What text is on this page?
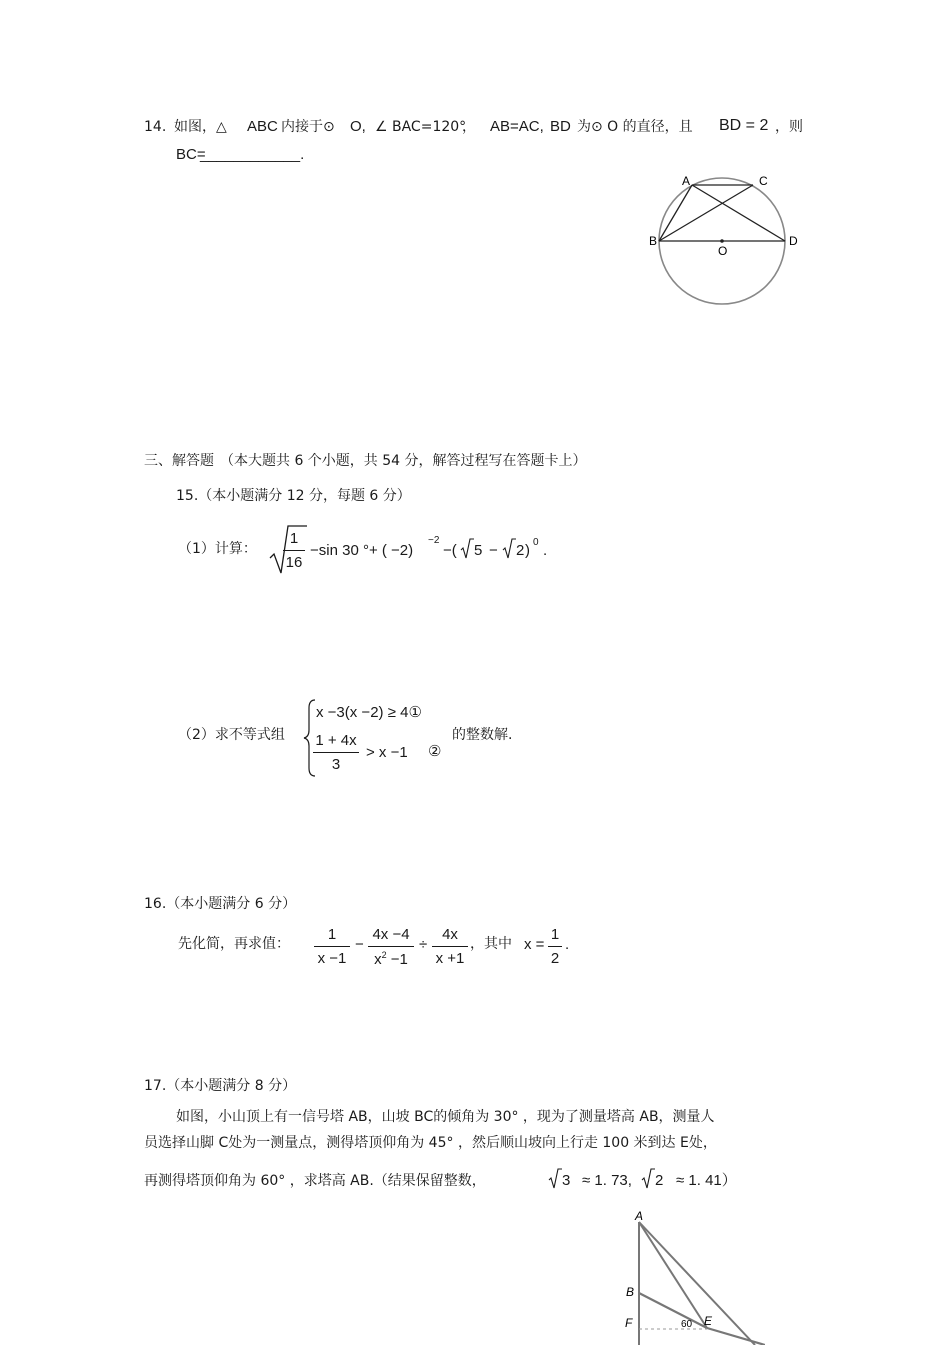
14. 如图，△ ABC 内接于⊙ O, ∠ BAC=120°
， AB=AC, BD 为⊙ O 的直径，且 BD = 2 ，则
BC=
____________.
A	C
B	D
O
三、解答题 （本大题共 6 个小题，共 54 分，解答过程写在答题卡上）
15.（本小题满分 12 分，每题 6 分）
（1）计算：
1
16
−sin 30 °+ ( −2)
−2
−( 5 − 2 ) 0 .
（2）求不等式组
x −3(x −2) ≥ 4①
1 + 4x
3
> x −1 ②
的整数解.
16.（本小题满分 6 分）
先化简，再求值：
1
x −1
−
4x −4
$x^2 -1$
÷
4x
x +1
，其中 x =
1
2
.
17.（本小题满分 8 分）
如图，小山顶上有一信号塔 AB，山坡 BC的倾角为 30° ，现为了测量塔高 AB，测量人
员选择山脚 C处为一测量点，测得塔顶仰角为 45° ，然后顺山坡向上行走 100 米到达 E处，
再测得塔顶仰角为 60° ，求塔高 AB.（结果保留整数，	3 ≈ 1. 73, 2 ≈ 1. 41）
A
B
F	E
60
